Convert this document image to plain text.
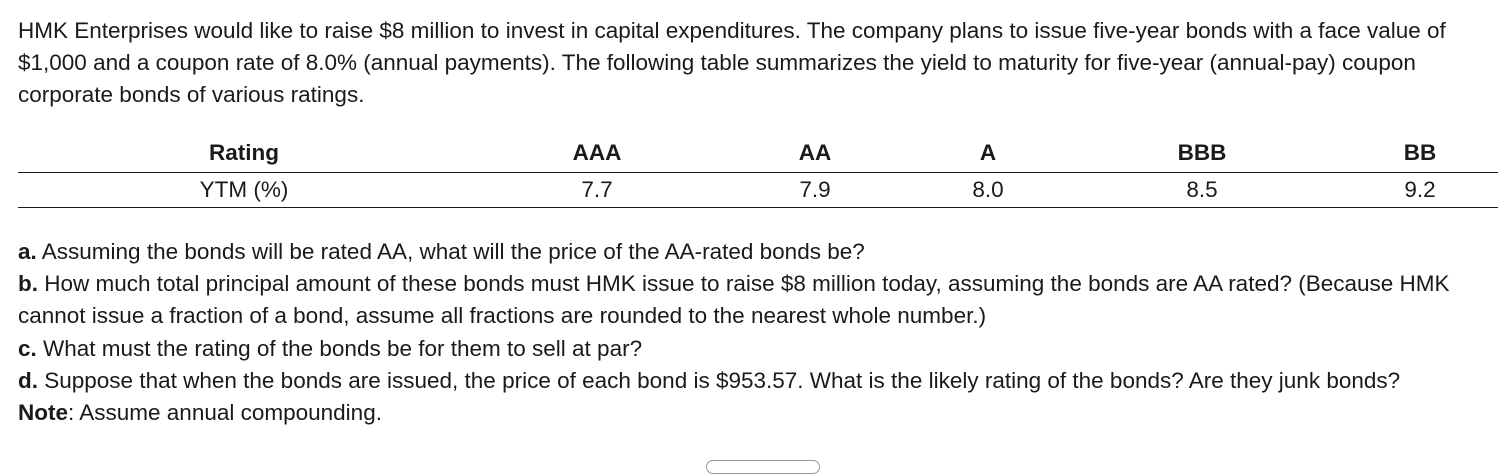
HMK Enterprises would like to raise $8 million to invest in capital expenditures. The company plans to issue five-year bonds with a face value of $1,000 and a coupon rate of 8.0% (annual payments). The following table summarizes the yield to maturity for five-year (annual-pay) coupon corporate bonds of various ratings.

Rating	AAA	AA	A	BBB	BB
YTM (%)	7.7	7.9	8.0	8.5	9.2
a. Assuming the bonds will be rated AA, what will the price of the AA-rated bonds be?
b. How much total principal amount of these bonds must HMK issue to raise $8 million today, assuming the bonds are AA rated? (Because HMK cannot issue a fraction of a bond, assume all fractions are rounded to the nearest whole number.)
c. What must the rating of the bonds be for them to sell at par?
d. Suppose that when the bonds are issued, the price of each bond is $953.57. What is the likely rating of the bonds? Are they junk bonds?
Note: Assume annual compounding.
